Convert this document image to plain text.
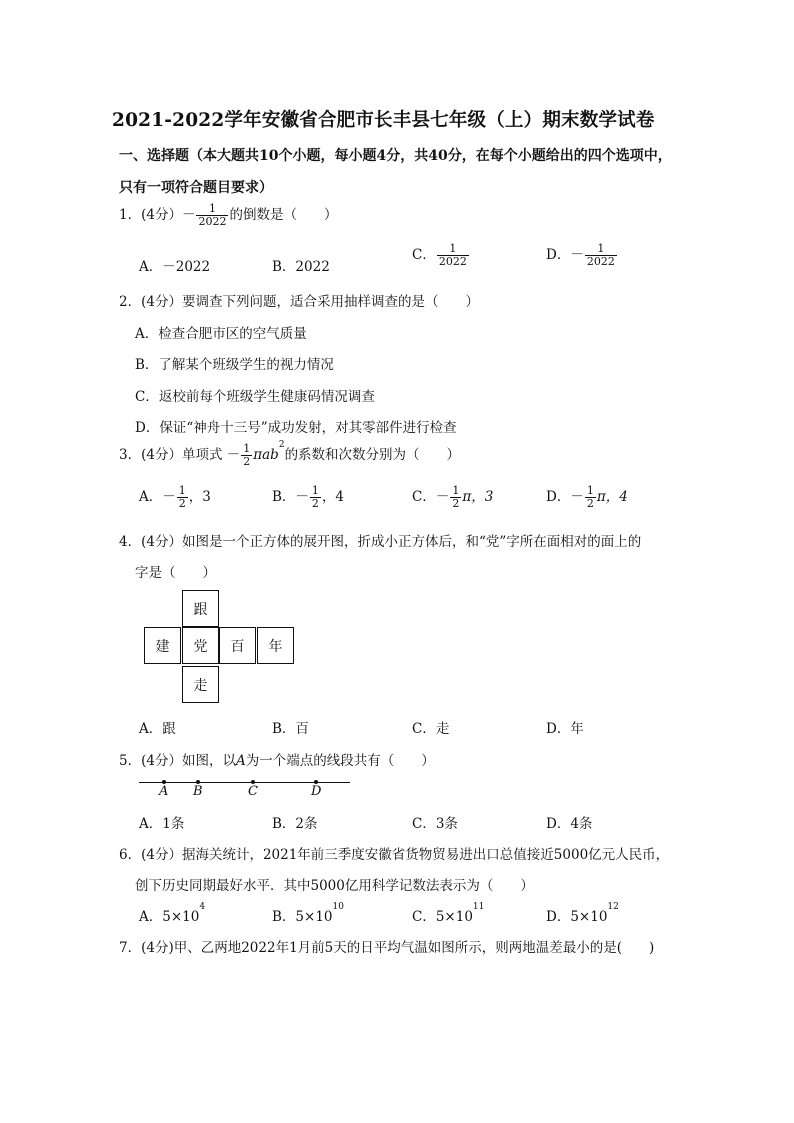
2021-2022学年安徽省合肥市长丰县七年级（上）期末数学试卷
一、选择题（本大题共10个小题，每小题4分，共40分，在每个小题给出的四个选项中，
只有一项符合题目要求）
1．(4分）－ $\frac{1}{2022}$ 的倒数是（　　）
A．－2022	B．2022
C． $\frac{1}{2022}$	D．－ $\frac{1}{2022}$
2．(4分）要调查下列问题，适合采用抽样调查的是（　　）
A．检查合肥市区的空气质量
B．了解某个班级学生的视力情况
C．返校前每个班级学生健康码情况调查
D．保证“神舟十三号”成功发射，对其零部件进行检查
3．(4分）单项式 － $\frac{1}{2} \pi ab^2$的系数和次数分别为（　　）
A．－ $\frac{1}{2}$ ，3	B．－ $\frac{1}{2}$ ，4	C．－ $\frac{1}{2}$ π，3	D．－ $\frac{1}{2}$ π，4
4．(4分）如图是一个正方体的展开图，折成小正方体后，和“党”字所在面相对的面上的
字是（　　）
跟
建	党	百	年
走
A．跟	B．百	C．走	D．年
5．(4分）如图，以A为一个端点的线段共有（　　）
A B	C	D
A．1条	B．2条	C．3条	D．4条
6．(4分）据海关统计，2021年前三季度安徽省货物贸易进出口总值接近5000亿元人民币，
创下历史同期最好水平．其中5000亿用科学记数法表示为（　　）
A．$5\times 10^4$
B．$5\times 10^{10}$
C．$5\times 10^{11}$
D．$5\times 10^{12}$
7．(4分)甲、乙两地2022年1月前5天的日平均气温如图所示，则两地温差最小的是(　　)
